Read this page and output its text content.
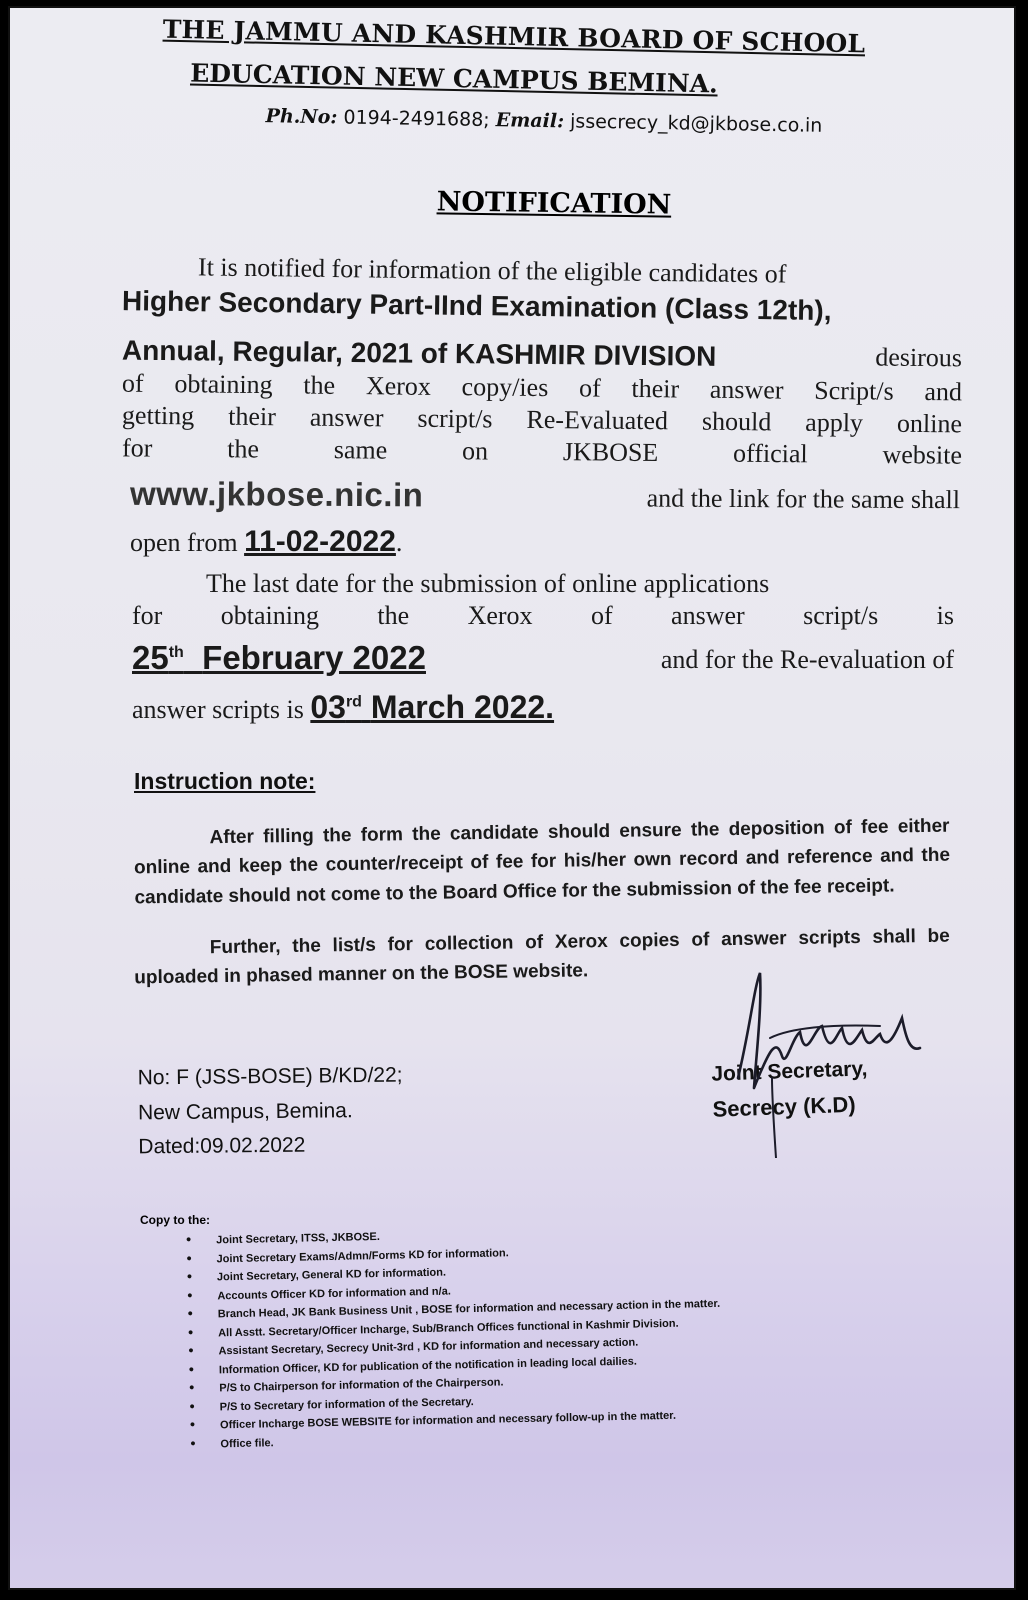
THE JAMMU AND KASHMIR BOARD OF SCHOOL
EDUCATION NEW CAMPUS BEMINA.
Ph.No: 0194-2491688; Email: jssecrecy_kd@jkbose.co.in
NOTIFICATION
It is notified for information of the eligible candidates of
Higher Secondary Part-IInd Examination (Class 12th),
Annual, Regular, 2021 of KASHMIR DIVISION	desirous
of obtaining the Xerox copy/ies of their answer Script/s and
getting their answer script/s Re-Evaluated should apply online
for the same on JKBOSE official website
www.jkbose.nic.in	and the link for the same shall
open from 11-02-2022.
The last date for the submission of online applications
for obtaining the Xerox of answer script/s is
25th February 2022	and for the Re-evaluation of
answer scripts is 03rd March 2022.
Instruction note:
After filling the form the candidate should ensure the deposition of fee either online and keep the counter/receipt of fee for his/her own record and reference and the candidate should not come to the Board Office for the submission of the fee receipt.
Further, the list/s for collection of Xerox copies of answer scripts shall be uploaded in phased manner on the BOSE website.
No: F (JSS-BOSE) B/KD/22;
New Campus, Bemina.
Dated:09.02.2022
Joint Secretary,
Secrecy (K.D)
Copy to the:
• Joint Secretary, ITSS, JKBOSE.
• Joint Secretary Exams/Admn/Forms KD for information.
• Joint Secretary, General KD for information.
• Accounts Officer KD for information and n/a.
• Branch Head, JK Bank Business Unit , BOSE for information and necessary action in the matter.
• All Asstt. Secretary/Officer Incharge, Sub/Branch Offices functional in Kashmir Division.
• Assistant Secretary, Secrecy Unit-3rd , KD for information and necessary action.
• Information Officer, KD for publication of the notification in leading local dailies.
• P/S to Chairperson for information of the Chairperson.
• P/S to Secretary for information of the Secretary.
• Officer Incharge BOSE WEBSITE for information and necessary follow-up in the matter.
• Office file.
